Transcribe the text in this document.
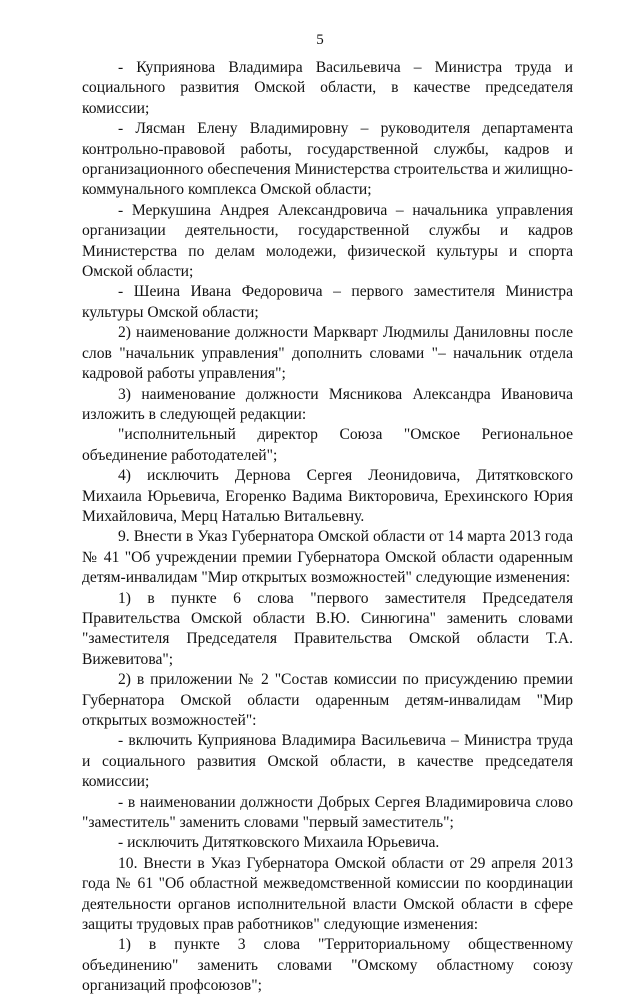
5

- Куприянова Владимира Васильевича – Министра труда и социального развития Омской области, в качестве председателя комиссии;

- Лясман Елену Владимировну – руководителя департамента контрольно-правовой работы, государственной службы, кадров и организационного обеспечения Министерства строительства и жилищно-коммунального комплекса Омской области;

- Меркушина Андрея Александровича – начальника управления организации деятельности, государственной службы и кадров Министерства по делам молодежи, физической культуры и спорта Омской области;

- Шеина Ивана Федоровича – первого заместителя Министра культуры Омской области;

2) наименование должности Маркварт Людмилы Даниловны после слов "начальник управления" дополнить словами "– начальник отдела кадровой работы управления";

3) наименование должности Мясникова Александра Ивановича изложить в следующей редакции:

"исполнительный директор Союза "Омское Региональное объединение работодателей";

4) исключить Дернова Сергея Леонидовича, Дитятковского Михаила Юрьевича, Егоренко Вадима Викторовича, Ерехинского Юрия Михайловича, Мерц Наталью Витальевну.

9. Внести в Указ Губернатора Омской области от 14 марта 2013 года № 41 "Об учреждении премии Губернатора Омской области одаренным детям-инвалидам "Мир открытых возможностей" следующие изменения:

1) в пункте 6 слова "первого заместителя Председателя Правительства Омской области В.Ю. Синюгина" заменить словами "заместителя Председателя Правительства Омской области Т.А. Вижевитова";

2) в приложении № 2 "Состав комиссии по присуждению премии Губернатора Омской области одаренным детям-инвалидам "Мир открытых возможностей":

- включить Куприянова Владимира Васильевича – Министра труда и социального развития Омской области, в качестве председателя комиссии;

- в наименовании должности Добрых Сергея Владимировича слово "заместитель" заменить словами "первый заместитель";

- исключить Дитятковского Михаила Юрьевича.

10. Внести в Указ Губернатора Омской области от 29 апреля 2013 года № 61 "Об областной межведомственной комиссии по координации деятельности органов исполнительной власти Омской области в сфере защиты трудовых прав работников" следующие изменения:

1) в пункте 3 слова "Территориальному общественному объединению" заменить словами "Омскому областному союзу организаций профсоюзов";
